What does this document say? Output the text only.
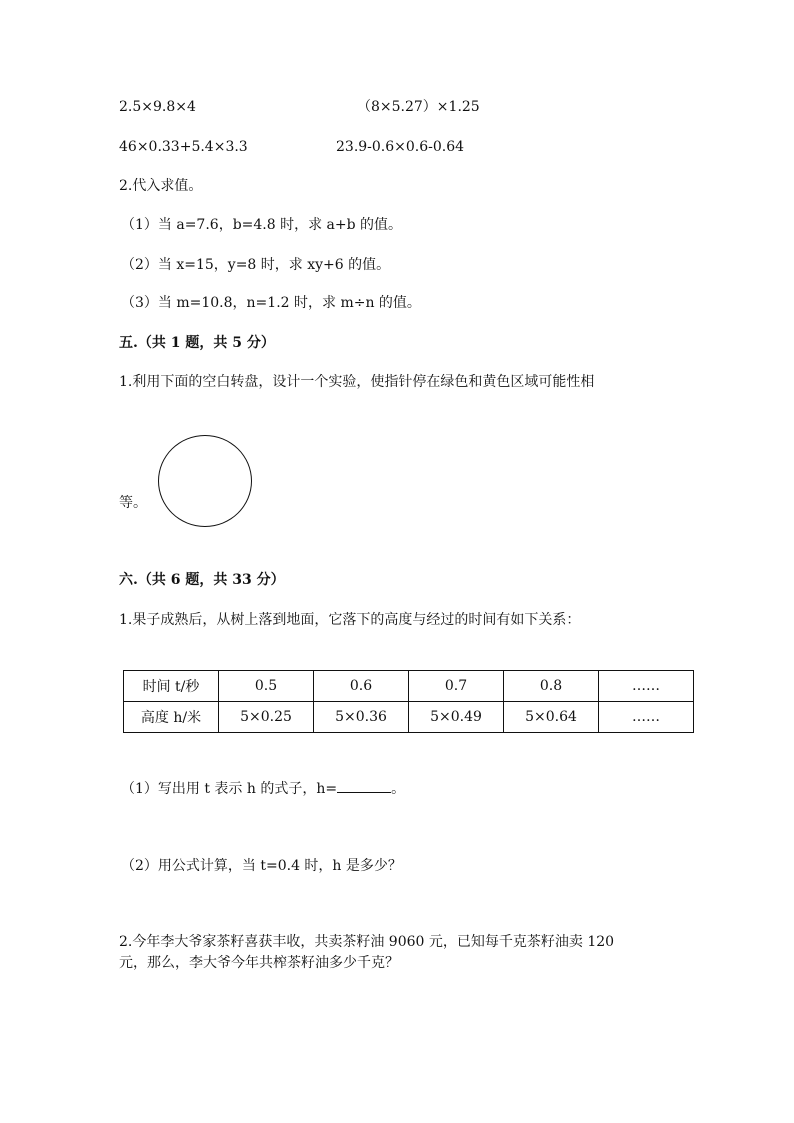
2.5×9.8×4	（8×5.27）×1.25
46×0.33+5.4×3.3	23.9-0.6×0.6-0.64
2.代入求值。
（1）当 a=7.6，b=4.8 时，求 a+b 的值。
（2）当 x=15，y=8 时，求 xy+6 的值。
（3）当 m=10.8，n=1.2 时，求 m÷n 的值。
五.（共 1 题，共 5 分）
1.利用下面的空白转盘，设计一个实验，使指针停在绿色和黄色区域可能性相
等。
六.（共 6 题，共 33 分）
1.果子成熟后，从树上落到地面，它落下的高度与经过的时间有如下关系：
时间 t/秒	0.5	0.6	0.7	0.8	……
高度 h/米	5×0.25	5×0.36	5×0.49	5×0.64	……
（1）写出用 t 表示 h 的式子，h=	。
（2）用公式计算，当 t=0.4 时，h 是多少？
2.今年李大爷家茶籽喜获丰收，共卖茶籽油 9060 元，已知每千克茶籽油卖 120
元，那么，李大爷今年共榨茶籽油多少千克？
